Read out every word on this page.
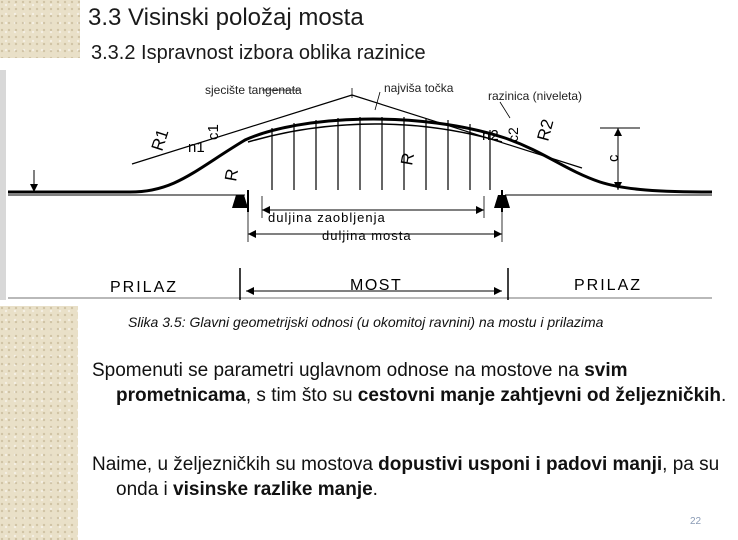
3.3 Visinski položaj mosta
3.3.2 Ispravnost izbora oblika razinice
sjecište tangenata	najviša točka
razinica (niveleta)
R1 c1
n1
R
R
n2 c2 R2
c
duljina zaobljenja
duljina mosta
PRILAZ	MOST	PRILAZ
Slika 3.5: Glavni geometrijski odnosi (u okomitoj ravnini) na mostu i prilazima

Spomenuti se parametri uglavnom odnose na mostove na svim prometnicama, s tim što su cestovni manje zahtjevni od željezničkih.

Naime, u željezničkih su mostova dopustivi usponi i padovi manji, pa su onda i visinske razlike manje.

22
